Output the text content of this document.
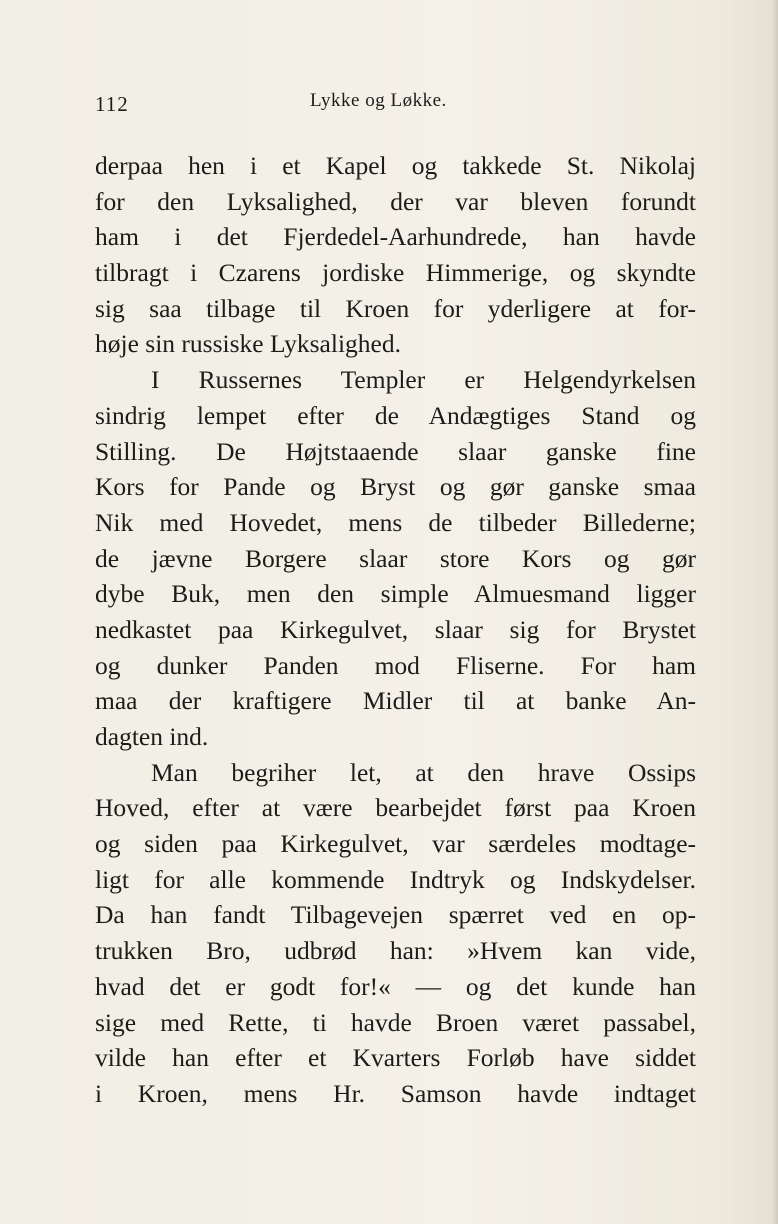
112	Lykke og Løkke.
derpaa hen i et Kapel og takkede St. Nikolaj
for den Lyksalighed, der var bleven forundt
ham i det Fjerdedel-Aarhundrede, han havde
tilbragt i Czarens jordiske Himmerige, og skyndte
sig saa tilbage til Kroen for yderligere at for-
høje sin russiske Lyksalighed.
I Russernes Templer er Helgendyrkelsen
sindrig lempet efter de Andægtiges Stand og
Stilling. De Højtstaaende slaar ganske fine
Kors for Pande og Bryst og gør ganske smaa
Nik med Hovedet, mens de tilbeder Billederne;
de jævne Borgere slaar store Kors og gør
dybe Buk, men den simple Almuesmand ligger
nedkastet paa Kirkegulvet, slaar sig for Brystet
og dunker Panden mod Fliserne. For ham
maa der kraftigere Midler til at banke An-
dagten ind.
Man begriher let, at den hrave Ossips
Hoved, efter at være bearbejdet først paa Kroen
og siden paa Kirkegulvet, var særdeles modtage-
ligt for alle kommende Indtryk og Indskydelser.
Da han fandt Tilbagevejen spærret ved en op-
trukken Bro, udbrød han: »Hvem kan vide,
hvad det er godt for!« — og det kunde han
sige med Rette, ti havde Broen været passabel,
vilde han efter et Kvarters Forløb have siddet
i Kroen, mens Hr. Samson havde indtaget
